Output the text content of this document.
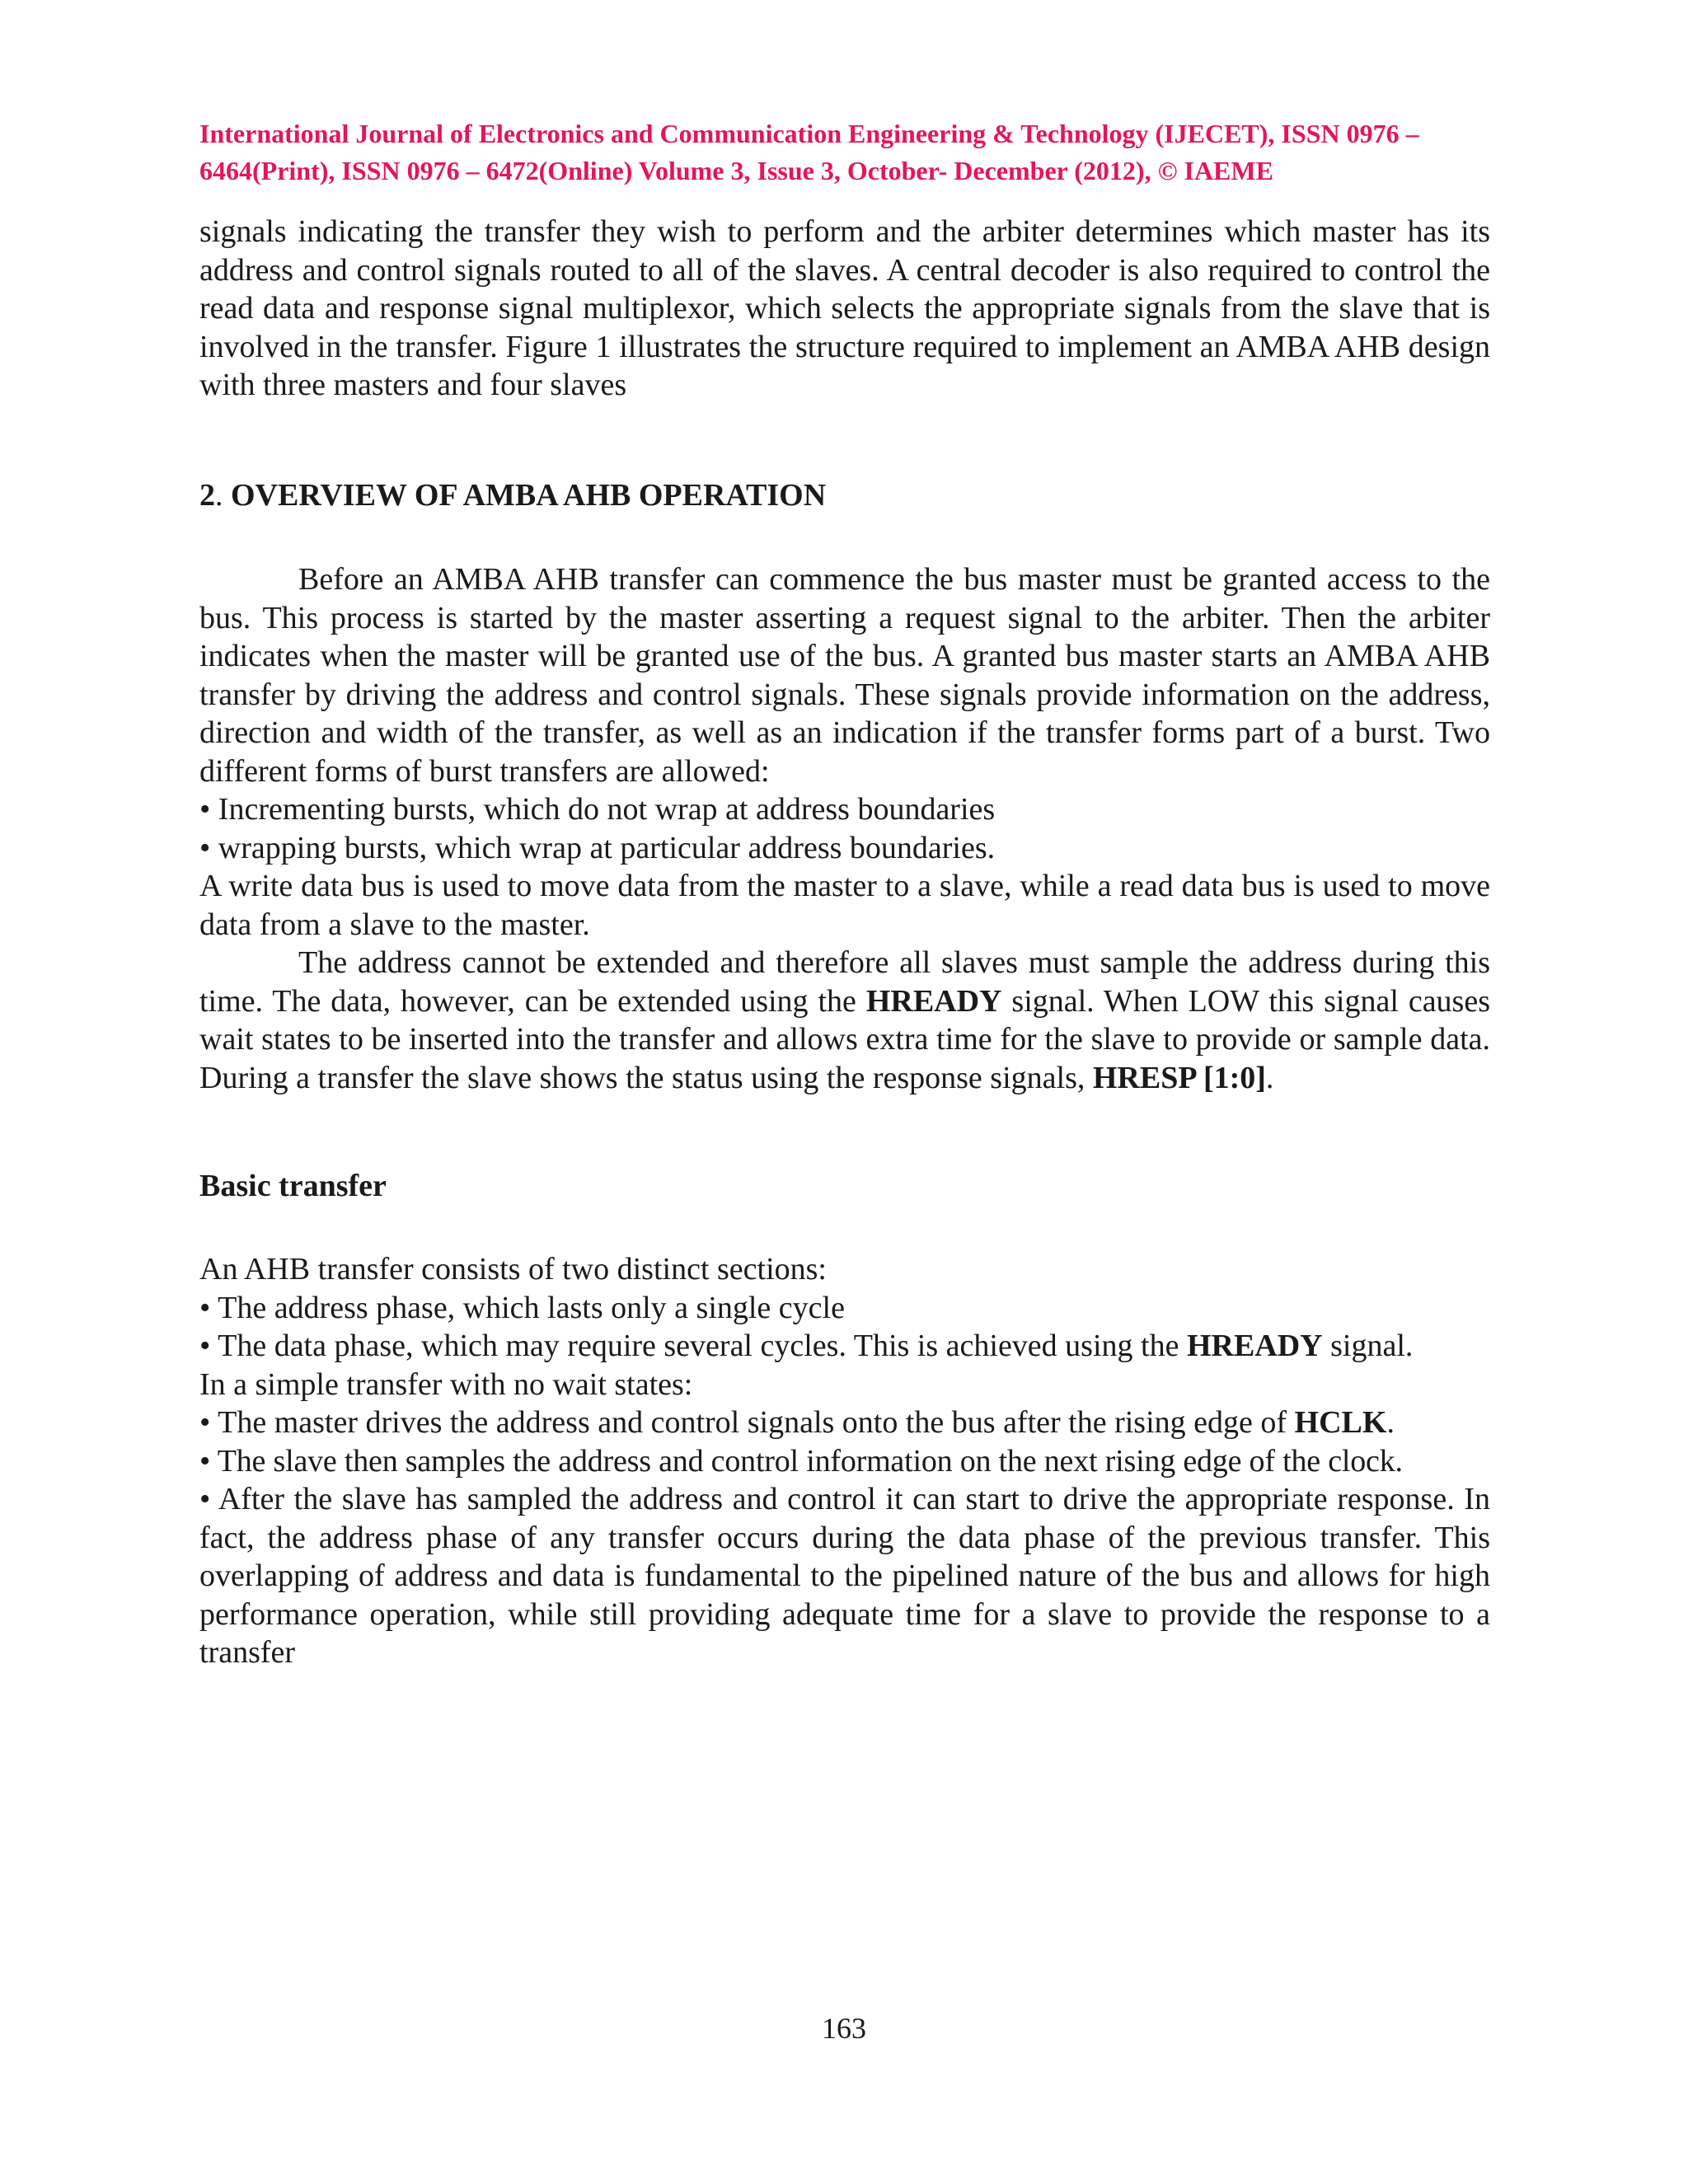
International Journal of Electronics and Communication Engineering & Technology (IJECET), ISSN 0976 –
6464(Print), ISSN 0976 – 6472(Online) Volume 3, Issue 3, October- December (2012), © IAEME

signals indicating the transfer they wish to perform and the arbiter determines which master has its address and control signals routed to all of the slaves. A central decoder is also required to control the read data and response signal multiplexor, which selects the appropriate signals from the slave that is involved in the transfer. Figure 1 illustrates the structure required to implement an AMBA AHB design with three masters and four slaves

2. OVERVIEW OF AMBA AHB OPERATION

Before an AMBA AHB transfer can commence the bus master must be granted access to the bus. This process is started by the master asserting a request signal to the arbiter. Then the arbiter indicates when the master will be granted use of the bus. A granted bus master starts an AMBA AHB transfer by driving the address and control signals. These signals provide information on the address, direction and width of the transfer, as well as an indication if the transfer forms part of a burst. Two different forms of burst transfers are allowed:

• Incrementing bursts, which do not wrap at address boundaries

• wrapping bursts, which wrap at particular address boundaries.

A write data bus is used to move data from the master to a slave, while a read data bus is used to move data from a slave to the master.

The address cannot be extended and therefore all slaves must sample the address during this time. The data, however, can be extended using the HREADY signal. When LOW this signal causes wait states to be inserted into the transfer and allows extra time for the slave to provide or sample data. During a transfer the slave shows the status using the response signals, HRESP [1:0].

Basic transfer

An AHB transfer consists of two distinct sections:

• The address phase, which lasts only a single cycle

• The data phase, which may require several cycles. This is achieved using the HREADY signal.

In a simple transfer with no wait states:

• The master drives the address and control signals onto the bus after the rising edge of HCLK.

• The slave then samples the address and control information on the next rising edge of the clock.

• After the slave has sampled the address and control it can start to drive the appropriate response. In fact, the address phase of any transfer occurs during the data phase of the previous transfer. This overlapping of address and data is fundamental to the pipelined nature of the bus and allows for high performance operation, while still providing adequate time for a slave to provide the response to a transfer

163
